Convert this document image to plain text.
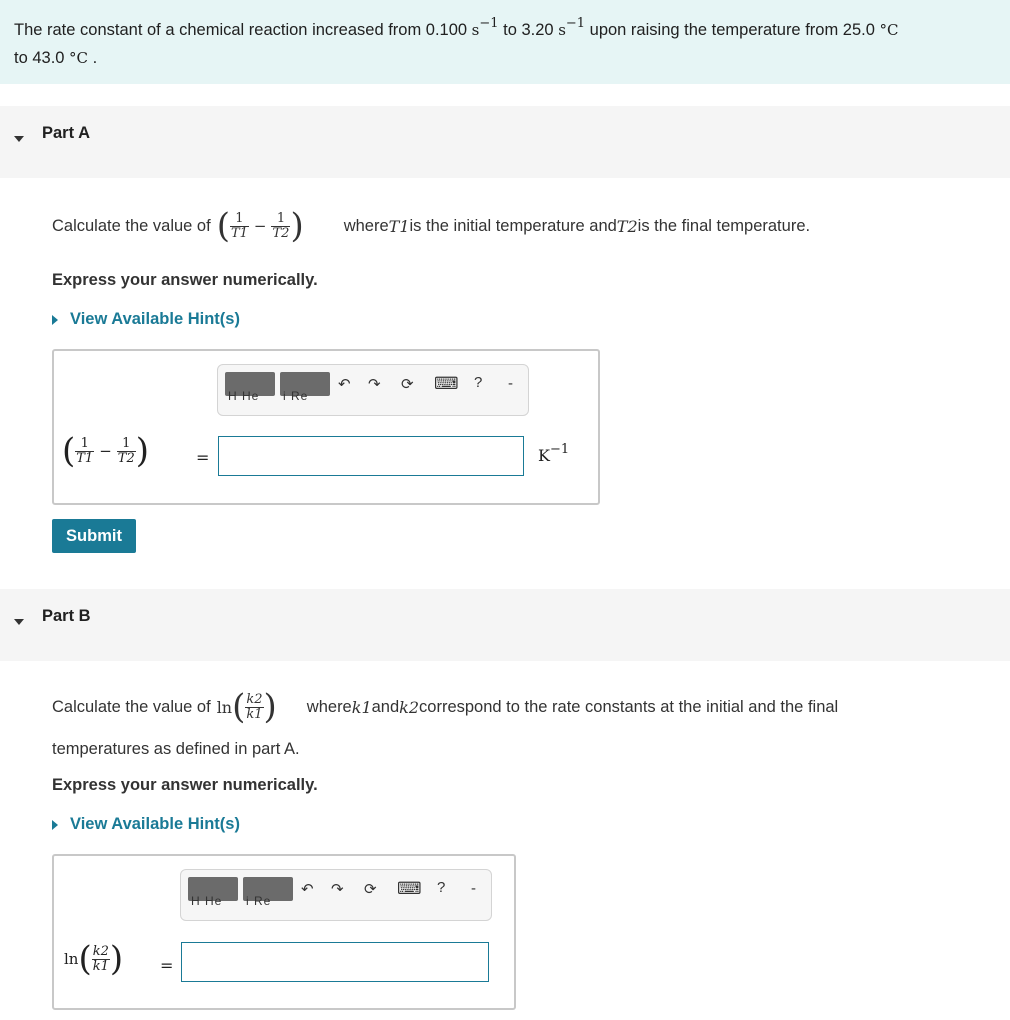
The rate constant of a chemical reaction increased from 0.100 $s^{-1}$ to 3.20 $s^{-1}$ upon raising the temperature from 25.0 °C
to 43.0 °C .
Part A
Calculate the value of ( $\frac{1}{T1} - \frac{1}{T2}$ ) where T1 is the initial temperature and T2 is the final temperature.
Express your answer numerically.
View Available Hint(s)
H He i Re
↶ ↷ ⟳ ⌨ ? -
( $\frac{1}{T1} - \frac{1}{T2}$ )	=	$K^{-1}$
Submit
Part B
Calculate the value of ln ( $\frac{k2}{k1}$ ) where k1 and k2 correspond to the rate constants at the initial and the final
temperatures as defined in part A.
Express your answer numerically.
View Available Hint(s)
H He i Re
↶ ↷ ⟳ ⌨ ? -
ln ( $\frac{k2}{k1}$ ) =
